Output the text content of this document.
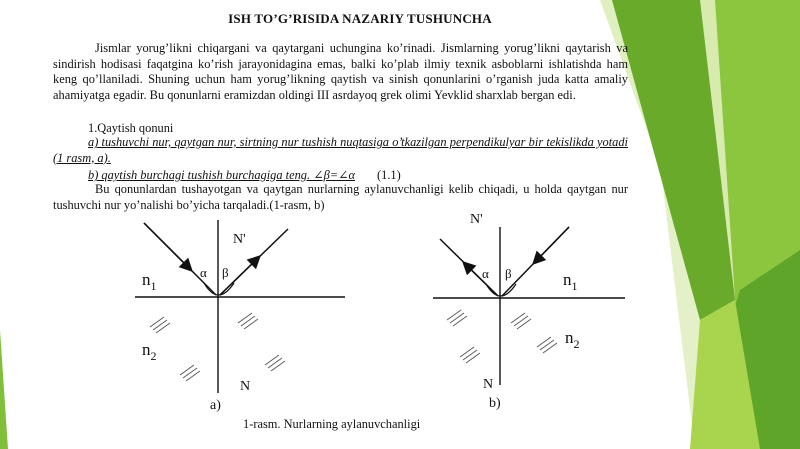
ISH TO’G’RISIDA NAZARIY TUSHUNCHA
Jismlar yorug’likni chiqargani va qaytargani uchungina ko’rinadi. Jismlarning yorug’likni qaytarish va sindirish hodisasi faqatgina ko’rish jarayonidagina emas, balki ko’plab ilmiy texnik asboblarni ishlatishda ham keng qo’llaniladi. Shuning uchun ham yorug’likning qaytish va sinish qonunlarini o’rganish juda katta amaliy ahamiyatga egadir. Bu qonunlarni eramizdan oldingi III asrdayoq grek olimi Yevklid sharxlab bergan edi.
1.Qaytish qonuni
a) tushuvchi nur, qaytgan nur, sirtning nur tushish nuqtasiga o’tkazilgan perpendikulyar bir tekislikda yotadi (1 rasm, a).
b) qaytish burchagi tushish burchagiga teng. ∠β=∠α (1.1)
Bu qonunlardan tushayotgan va qaytgan nurlarning aylanuvchanligi kelib chiqadi, u holda qaytgan nur tushuvchi nur yo’nalishi bo’yicha tarqaladi.(1-rasm, b)
α β
N'
N
$n_1$
$n_2$
a)
α β
N'
N
$n_1$
$n_2$
b)
1-rasm. Nurlarning aylanuvchanligi
